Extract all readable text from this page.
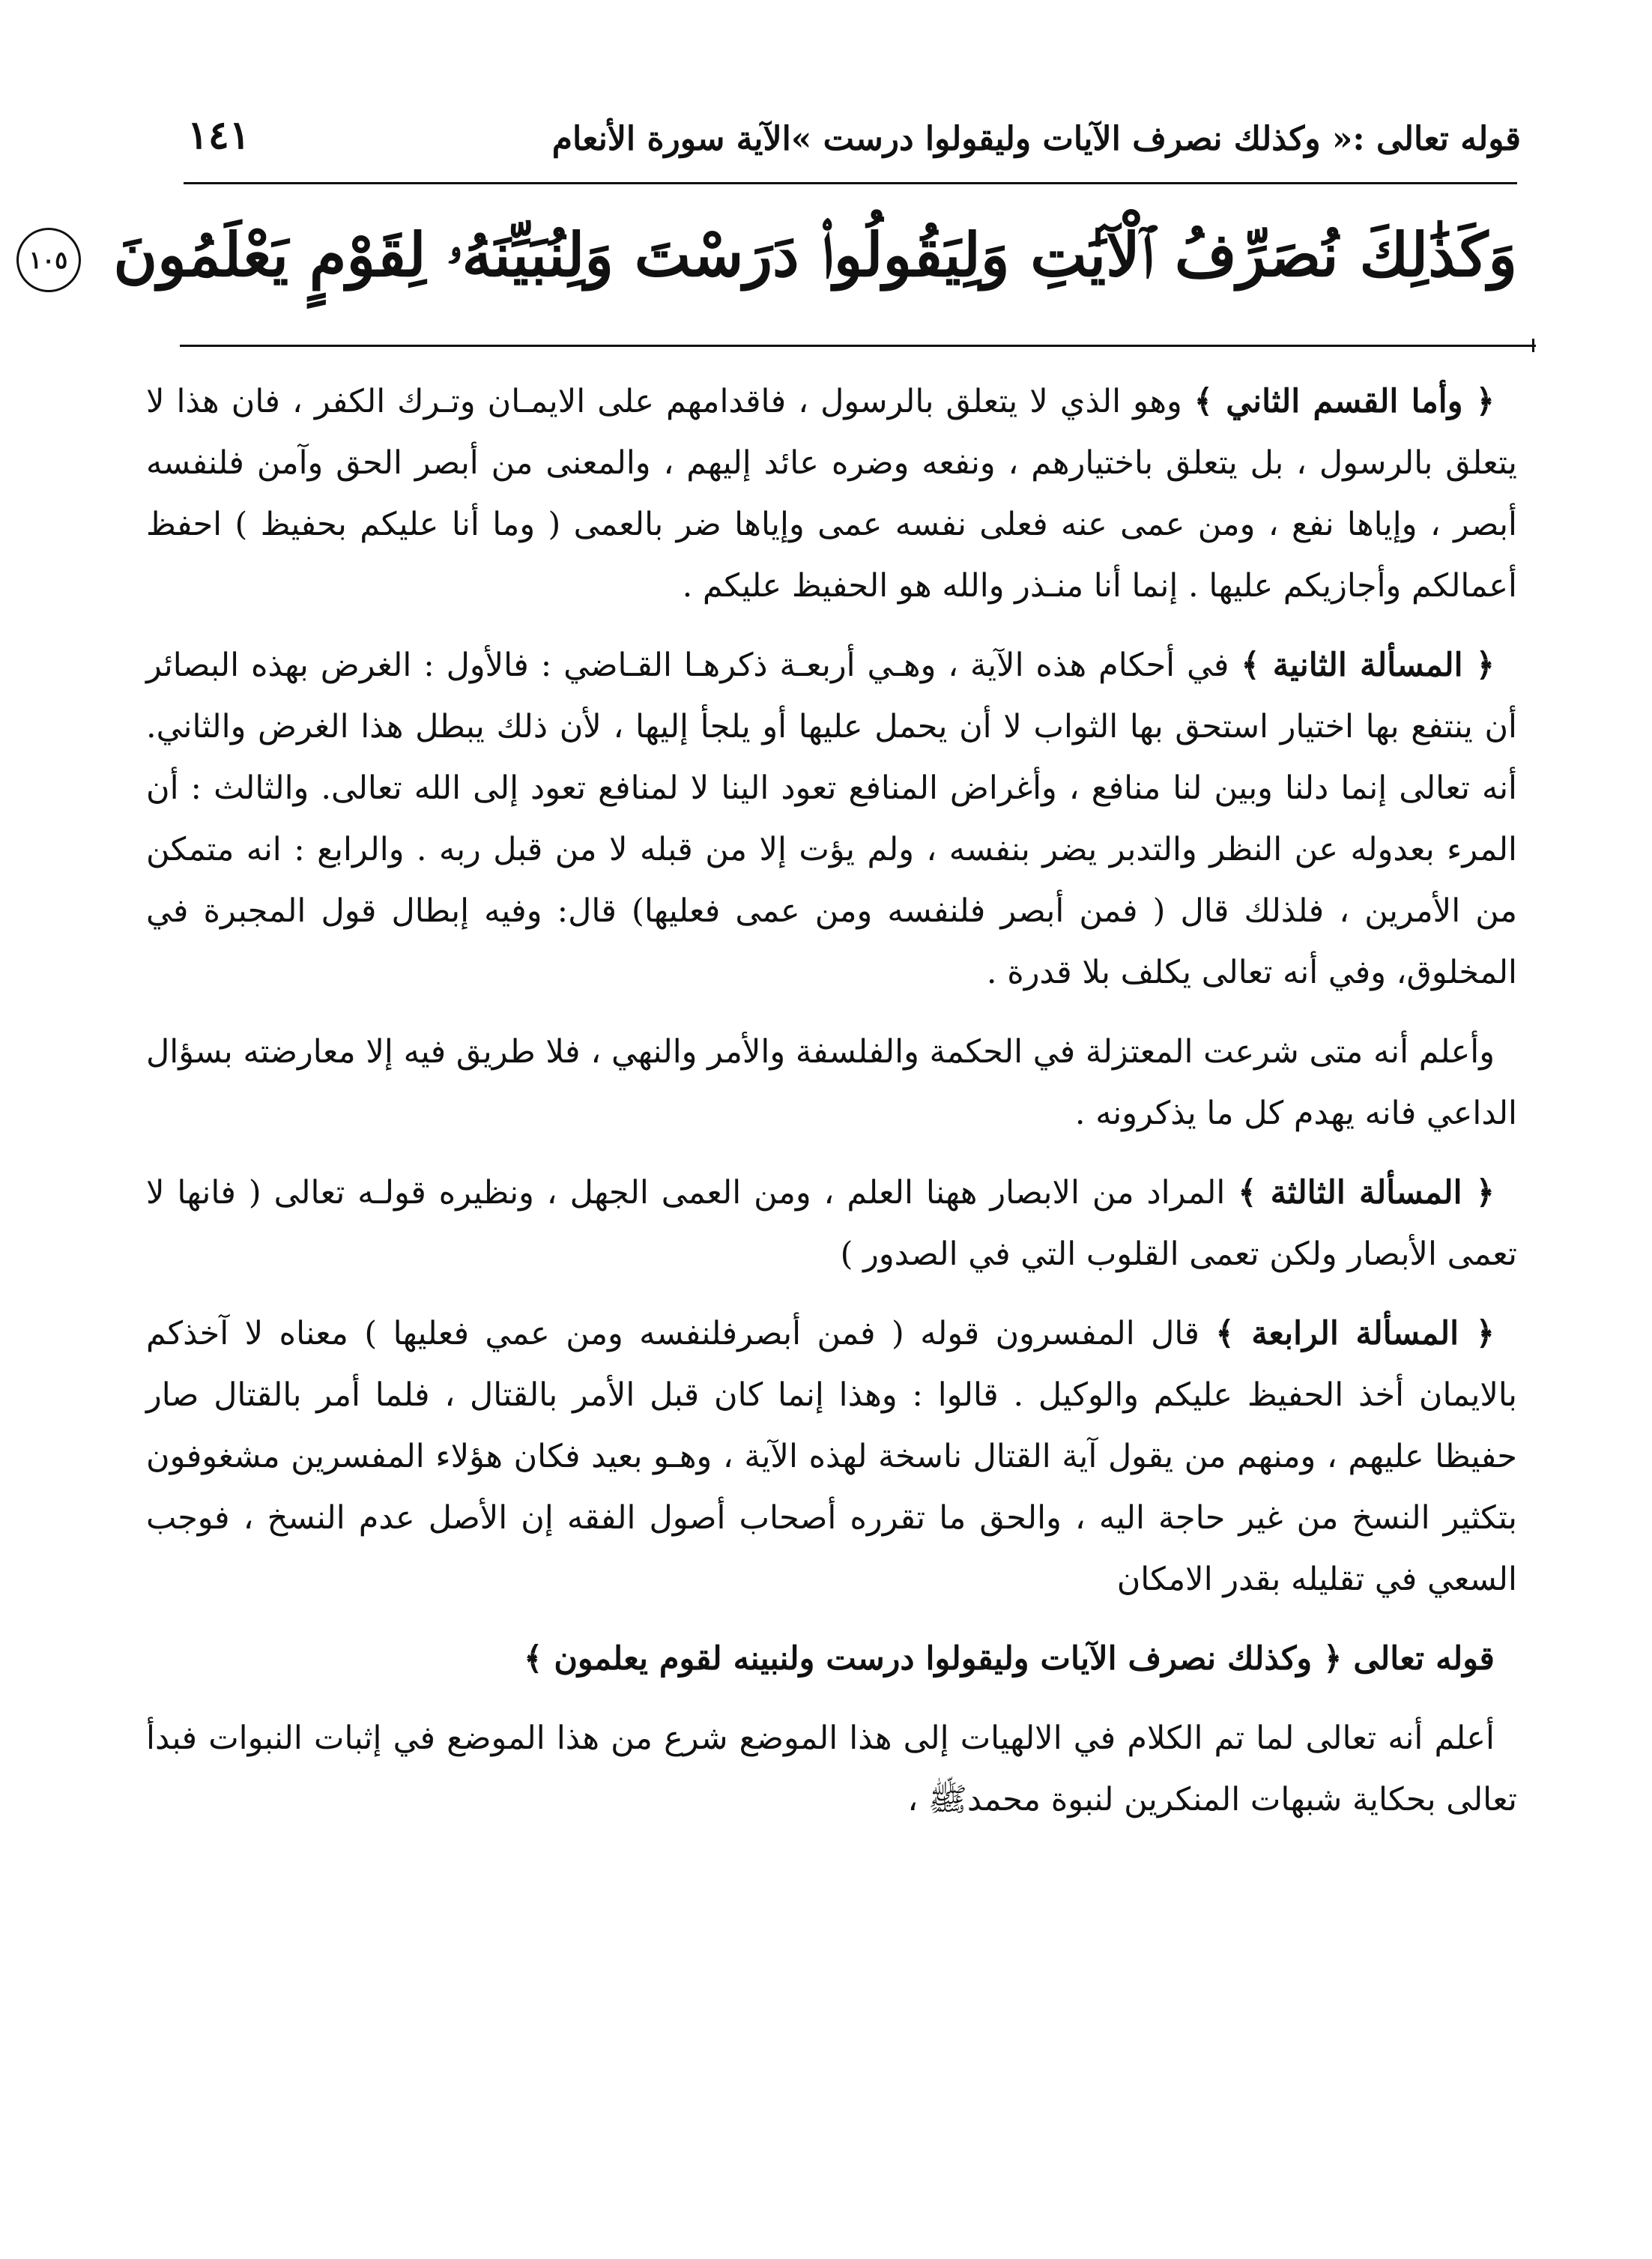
قوله تعالى :« وكذلك نصرف الآيات وليقولوا درست »الآية سورة الأنعام
١٤١
وَكَذَٰلِكَ نُصَرِّفُ ٱلْآيَٰتِ وَلِيَقُولُوا۟ دَرَسْتَ وَلِنُبَيِّنَهُۥ لِقَوْمٍ يَعْلَمُونَ ١٠٥

﴿ وأما القسم الثاني ﴾ وهو الذي لا يتعلق بالرسول ، فاقدامهم على الايمـان وتـرك الكفر ، فان هذا لا يتعلق بالرسول ، بل يتعلق باختيارهم ، ونفعه وضره عائد إليهم ، والمعنى من أبصر الحق وآمن فلنفسه أبصر ، وإياها نفع ، ومن عمى عنه فعلى نفسه عمى وإياها ضر بالعمى ( وما أنا عليكم بحفيظ ) احفظ أعمالكم وأجازيكم عليها . إنما أنا منـذر والله هو الحفيظ عليكم .

﴿ المسألة الثانية ﴾ في أحكام هذه الآية ، وهـي أربعـة ذكرهـا القـاضي : فالأول : الغرض بهذه البصائر أن ينتفع بها اختيار استحق بها الثواب لا أن يحمل عليها أو يلجأ إليها ، لأن ذلك يبطل هذا الغرض والثاني. أنه تعالى إنما دلنا وبين لنا منافع ، وأغراض المنافع تعود الينا لا لمنافع تعود إلى الله تعالى. والثالث : أن المرء بعدوله عن النظر والتدبر يضر بنفسه ، ولم يؤت إلا من قبله لا من قبل ربه . والرابع : انه متمكن من الأمرين ، فلذلك قال ( فمن أبصر فلنفسه ومن عمى فعليها) قال: وفيه إبطال قول المجبرة في المخلوق، وفي أنه تعالى يكلف بلا قدرة .

وأعلم أنه متى شرعت المعتزلة في الحكمة والفلسفة والأمر والنهي ، فلا طريق فيه إلا معارضته بسؤال الداعي فانه يهدم كل ما يذكرونه .

﴿ المسألة الثالثة ﴾ المراد من الابصار ههنا العلم ، ومن العمى الجهل ، ونظيره قولـه تعالى ( فانها لا تعمى الأبصار ولكن تعمى القلوب التي في الصدور )

﴿ المسألة الرابعة ﴾ قال المفسرون قوله ( فمن أبصرفلنفسه ومن عمي فعليها ) معناه لا آخذكم بالايمان أخذ الحفيظ عليكم والوكيل . قالوا : وهذا إنما كان قبل الأمر بالقتال ، فلما أمر بالقتال صار حفيظا عليهم ، ومنهم من يقول آية القتال ناسخة لهذه الآية ، وهـو بعيد فكان هؤلاء المفسرين مشغوفون بتكثير النسخ من غير حاجة اليه ، والحق ما تقرره أصحاب أصول الفقه إن الأصل عدم النسخ ، فوجب السعي في تقليله بقدر الامكان

قوله تعالى ﴿ وكذلك نصرف الآيات وليقولوا درست ولنبينه لقوم يعلمون ﴾

أعلم أنه تعالى لما تم الكلام في الالهيات إلى هذا الموضع شرع من هذا الموضع في إثبات النبوات فبدأ تعالى بحكاية شبهات المنكرين لنبوة محمدﷺ ،
